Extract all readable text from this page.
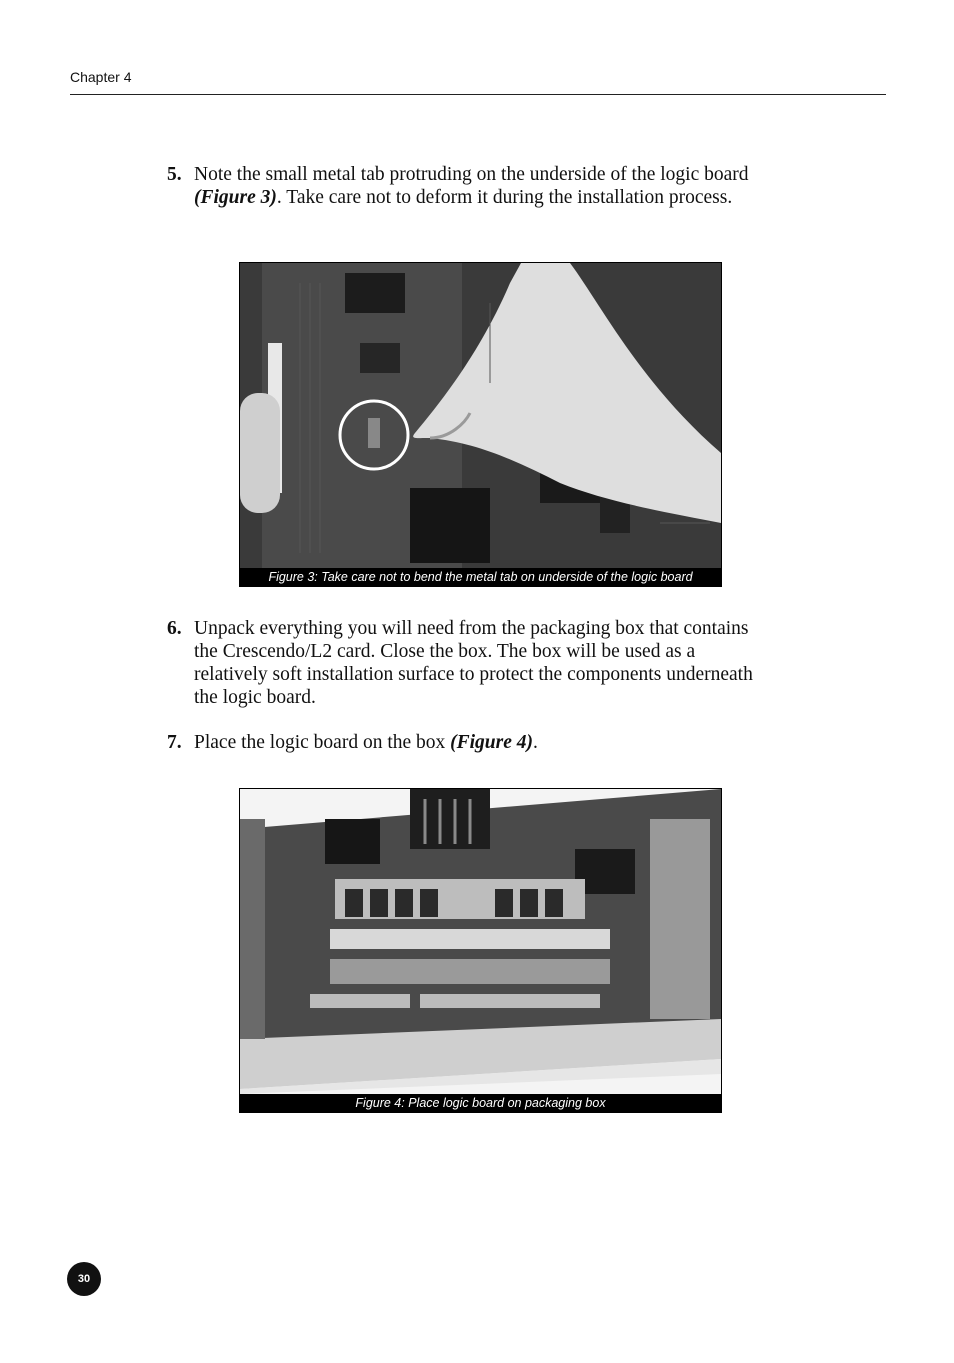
Chapter 4
5. Note the small metal tab protruding on the underside of the logic board (Figure 3). Take care not to deform it during the installation process.
Figure 3: Take care not to bend the metal tab on underside of the logic board
6. Unpack everything you will need from the packaging box that contains the Crescendo/L2 card. Close the box. The box will be used as a relatively soft installation surface to protect the components underneath the logic board.
7. Place the logic board on the box (Figure 4).
Figure 4: Place logic board on packaging box
30
